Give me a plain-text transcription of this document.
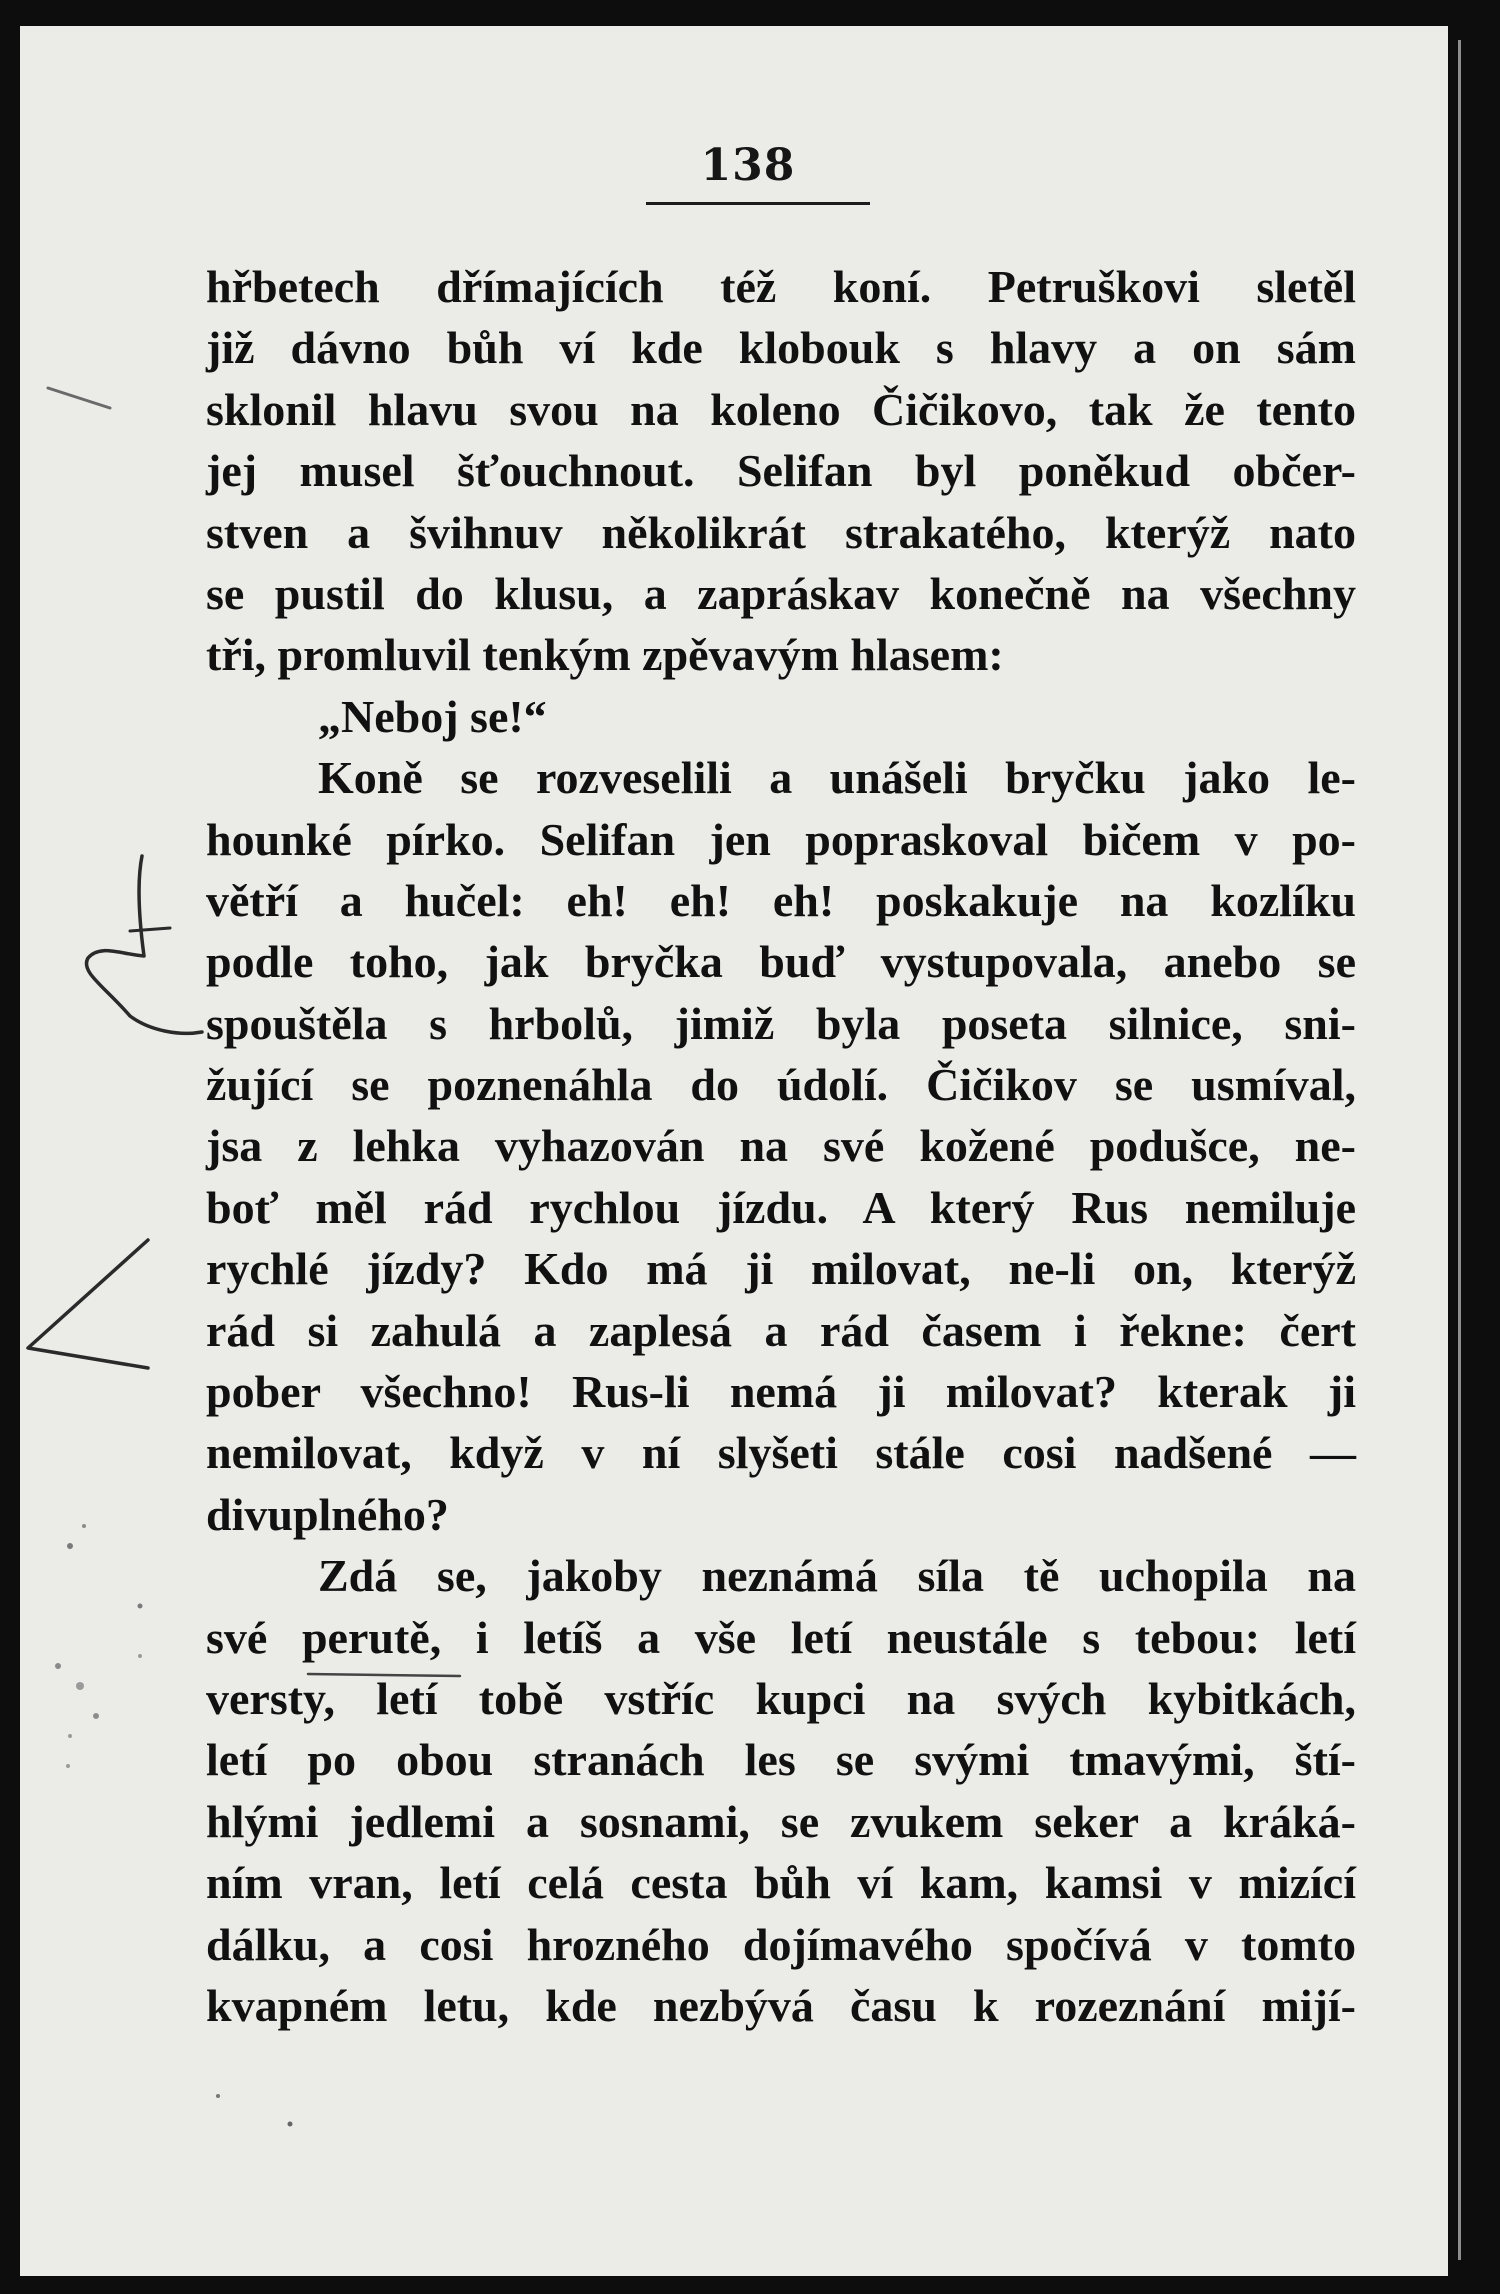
138
hřbetech dřímajících též koní. Petruškovi sletěl
již dávno bůh ví kde klobouk s hlavy a on sám
sklonil hlavu svou na koleno Čičikovo, tak že tento
jej musel šťouchnout. Selifan byl poněkud občer-
stven a švihnuv několikrát strakatého, kterýž nato
se pustil do klusu, a zapráskav konečně na všechny
tři, promluvil tenkým zpěvavým hlasem:
„Neboj se!“
Koně se rozveselili a unášeli bryčku jako le-
hounké pírko. Selifan jen popraskoval bičem v po-
větří a hučel: eh! eh! eh! poskakuje na kozlíku
podle toho, jak bryčka buď vystupovala, anebo se
spouštěla s hrbolů, jimiž byla poseta silnice, sni-
žující se poznenáhla do údolí. Čičikov se usmíval,
jsa z lehka vyhazován na své kožené podušce, ne-
boť měl rád rychlou jízdu. A který Rus nemiluje
rychlé jízdy? Kdo má ji milovat, ne-li on, kterýž
rád si zahulá a zaplesá a rád časem i řekne: čert
pober všechno! Rus-li nemá ji milovat? kterak ji
nemilovat, když v ní slyšeti stále cosi nadšené —
divuplného?
Zdá se, jakoby neznámá síla tě uchopila na
své perutě, i letíš a vše letí neustále s tebou: letí
versty, letí tobě vstříc kupci na svých kybitkách,
letí po obou stranách les se svými tmavými, ští-
hlými jedlemi a sosnami, se zvukem seker a kráká-
ním vran, letí celá cesta bůh ví kam, kamsi v mizící
dálku, a cosi hrozného dojímavého spočívá v tomto
kvapném letu, kde nezbývá času k rozeznání mijí-
